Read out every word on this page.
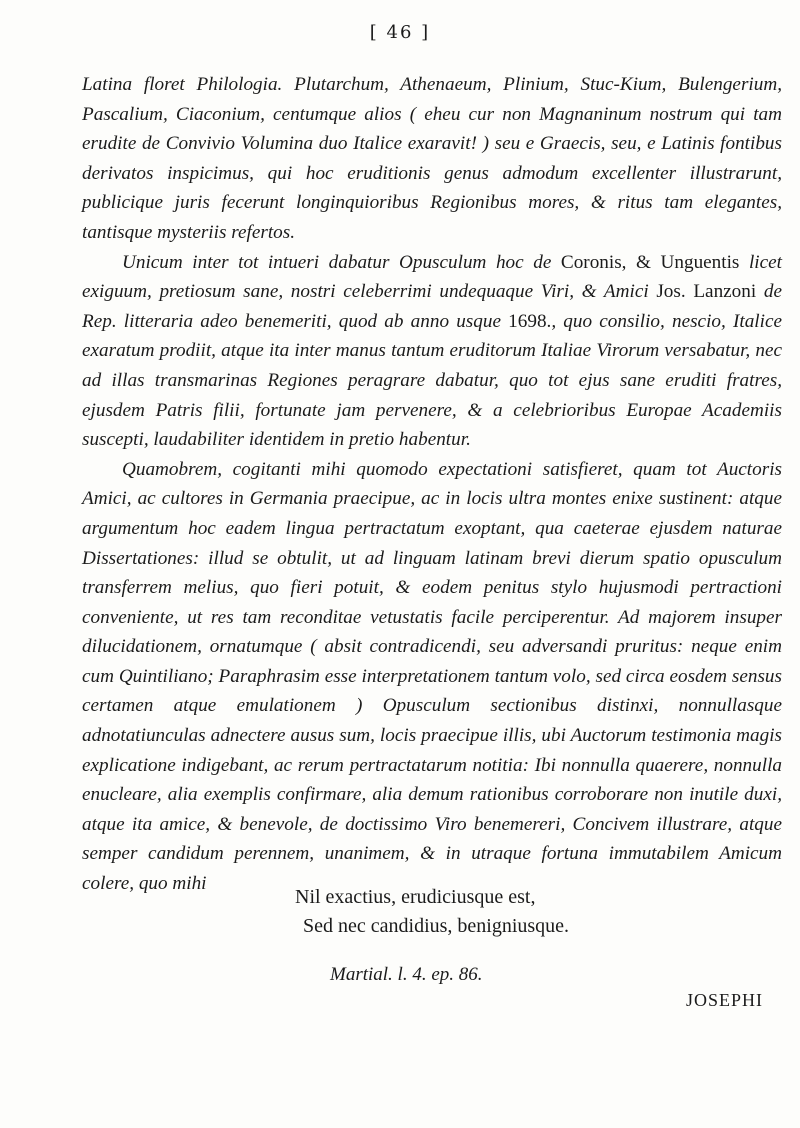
[ 46 ]

Latina floret Philologia. Plutarchum, Athenaeum, Plinium, Stuc-Kium, Bulengerium, Pascalium, Ciaconium, centumque alios ( eheu cur non Magnaninum nostrum qui tam erudite de Convivio Volumina duo Italice exaravit! ) seu e Graecis, seu, e Latinis fontibus derivatos inspicimus, qui hoc eruditionis genus admodum excellenter illustrarunt, publicique juris fecerunt longinquioribus Regionibus mores, & ritus tam elegantes, tantisque mysteriis refertos.

Unicum inter tot intueri dabatur Opusculum hoc de Coronis, & Unguentis licet exiguum, pretiosum sane, nostri celeberrimi undequaque Viri, & Amici Jos. Lanzoni de Rep. litteraria adeo benemeriti, quod ab anno usque 1698., quo consilio, nescio, Italice exaratum prodiit, atque ita inter manus tantum eruditorum Italiae Virorum versabatur, nec ad illas transmarinas Regiones peragrare dabatur, quo tot ejus sane eruditi fratres, ejusdem Patris filii, fortunate jam pervenere, & a celebrioribus Europae Academiis suscepti, laudabiliter identidem in pretio habentur.

Quamobrem, cogitanti mihi quomodo expectationi satisfieret, quam tot Auctoris Amici, ac cultores in Germania praecipue, ac in locis ultra montes enixe sustinent: atque argumentum hoc eadem lingua pertractatum exoptant, qua caeterae ejusdem naturae Dissertationes: illud se obtulit, ut ad linguam latinam brevi dierum spatio opusculum transferrem melius, quo fieri potuit, & eodem penitus stylo hujusmodi pertractioni conveniente, ut res tam reconditae vetustatis facile perciperentur. Ad majorem insuper dilucidationem, ornatumque ( absit contradicendi, seu adversandi pruritus: neque enim cum Quintiliano; Paraphrasim esse interpretationem tantum volo, sed circa eosdem sensus certamen atque emulationem ) Opusculum sectionibus distinxi, nonnullasque adnotatiunculas adnectere ausus sum, locis praecipue illis, ubi Auctorum testimonia magis explicatione indigebant, ac rerum pertractatarum notitia: Ibi nonnulla quaerere, nonnulla enucleare, alia exemplis confirmare, alia demum rationibus corroborare non inutile duxi, atque ita amice, & benevole, de doctissimo Viro benemereri, Concivem illustrare, atque semper candidum perennem, unanimem, & in utraque fortuna immutabilem Amicum colere, quo mihi

Nil exactius, erudiciusque est,
Sed nec candidius, benigniusque.
Martial. l. 4. ep. 86.
JOSEPHI
